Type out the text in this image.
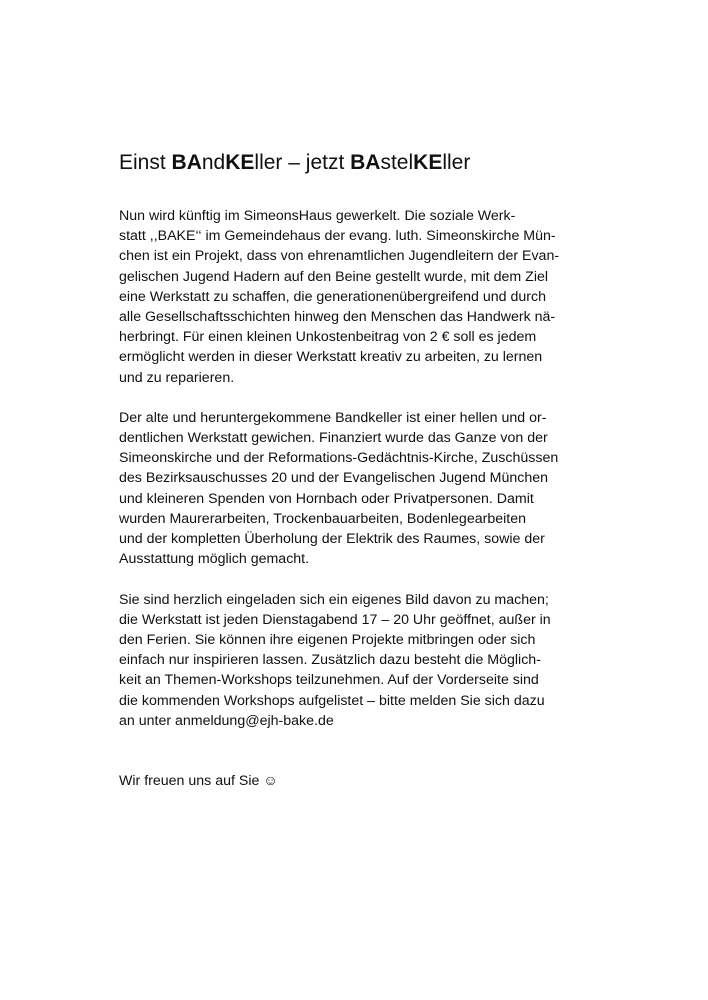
Einst BAndKEller – jetzt BAstelKEller
Nun wird künftig im SimeonsHaus gewerkelt. Die soziale Werk-
statt ,,BAKE‘‘ im Gemeindehaus der evang. luth. Simeonskirche Mün-
chen ist ein Projekt, dass von ehrenamtlichen Jugendleitern der Evan-
gelischen Jugend Hadern auf den Beine gestellt wurde, mit dem Ziel
eine Werkstatt zu schaffen, die generationenübergreifend und durch
alle Gesellschaftsschichten hinweg den Menschen das Handwerk nä-
herbringt. Für einen kleinen Unkostenbeitrag von 2 € soll es jedem
ermöglicht werden in dieser Werkstatt kreativ zu arbeiten, zu lernen
und zu reparieren.
Der alte und heruntergekommene Bandkeller ist einer hellen und or-
dentlichen Werkstatt gewichen. Finanziert wurde das Ganze von der
Simeonskirche und der Reformations-Gedächtnis-Kirche, Zuschüssen
des Bezirksauschusses 20 und der Evangelischen Jugend München
und kleineren Spenden von Hornbach oder Privatpersonen. Damit
wurden Maurerarbeiten, Trockenbauarbeiten, Bodenlegearbeiten
und der kompletten Überholung der Elektrik des Raumes, sowie der
Ausstattung möglich gemacht.
Sie sind herzlich eingeladen sich ein eigenes Bild davon zu machen;
die Werkstatt ist jeden Dienstagabend 17 – 20 Uhr geöffnet, außer in
den Ferien. Sie können ihre eigenen Projekte mitbringen oder sich
einfach nur inspirieren lassen. Zusätzlich dazu besteht die Möglich-
keit an Themen-Workshops teilzunehmen. Auf der Vorderseite sind
die kommenden Workshops aufgelistet – bitte melden Sie sich dazu
an unter anmeldung@ejh-bake.de
Wir freuen uns auf Sie ☺
